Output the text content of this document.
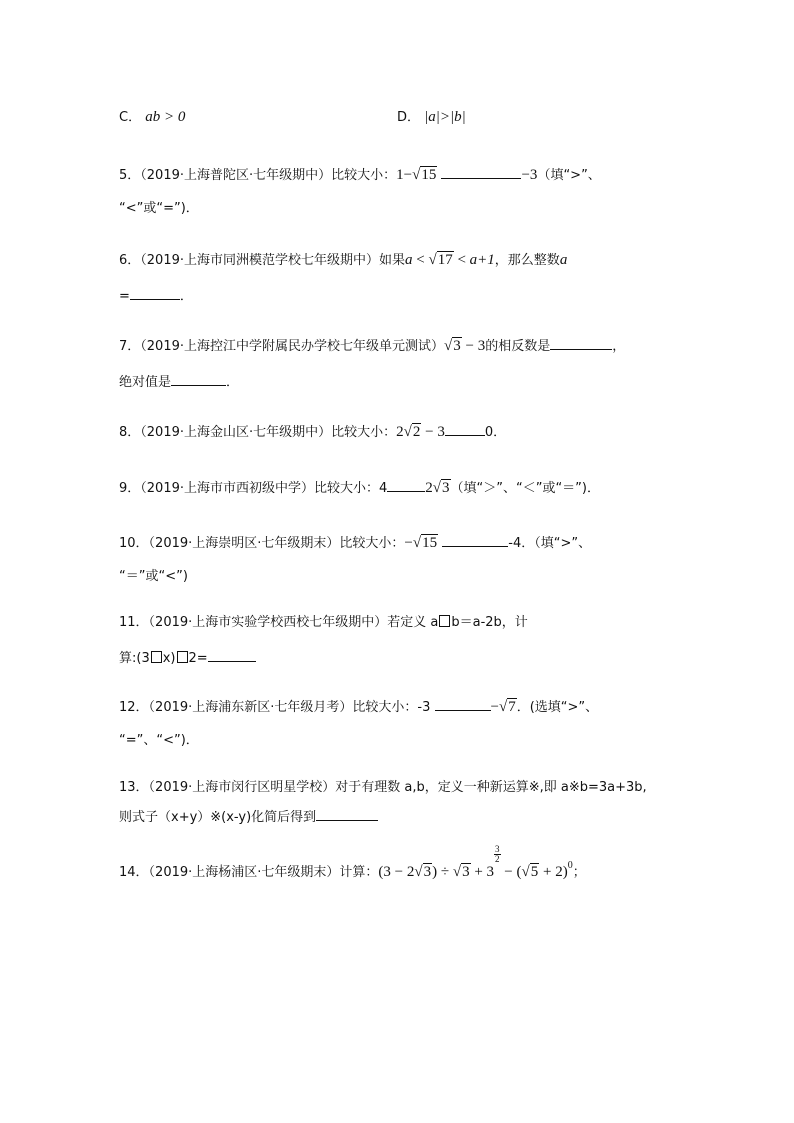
C． ab > 0	D． |a|>|b|
5．（2019·上海普陀区·七年级期中）比较大小：1−√15	−3（填“>”、
“<”或“=”)．
6．（2019·上海市同洲模范学校七年级期中）如果a < √17 < a+1，那么整数a
=	．
7．（2019·上海控江中学附属民办学校七年级单元测试）√3 − 3的相反数是	，
绝对值是	．
8．（2019·上海金山区·七年级期中）比较大小：2√2 − 3	0．
9．（2019·上海市市西初级中学）比较大小：4	2√3（填“＞”、“＜”或“＝”)．
10．（2019·上海崇明区·七年级期末）比较大小：−√15	-4．（填“>”、
“＝”或“<”)
11．（2019·上海市实验学校西校七年级期中）若定义 a b＝a-2b，计
算:(3 x) 2=
12．（2019·上海浦东新区·七年级月考）比较大小：-3	−√7．(选填“>”、
“=”、“<”)．
13．（2019·上海市闵行区明星学校）对于有理数 a,b，定义一种新运算※,即 a※b=3a+3b,
则式子（x+y）※(x-y)化简后得到
14．（2019·上海杨浦区·七年级期末）计算：(3 − 2√3) ÷ √3 + 3
$\frac{3}{2}$
− $(√5 + 2)^0$；
